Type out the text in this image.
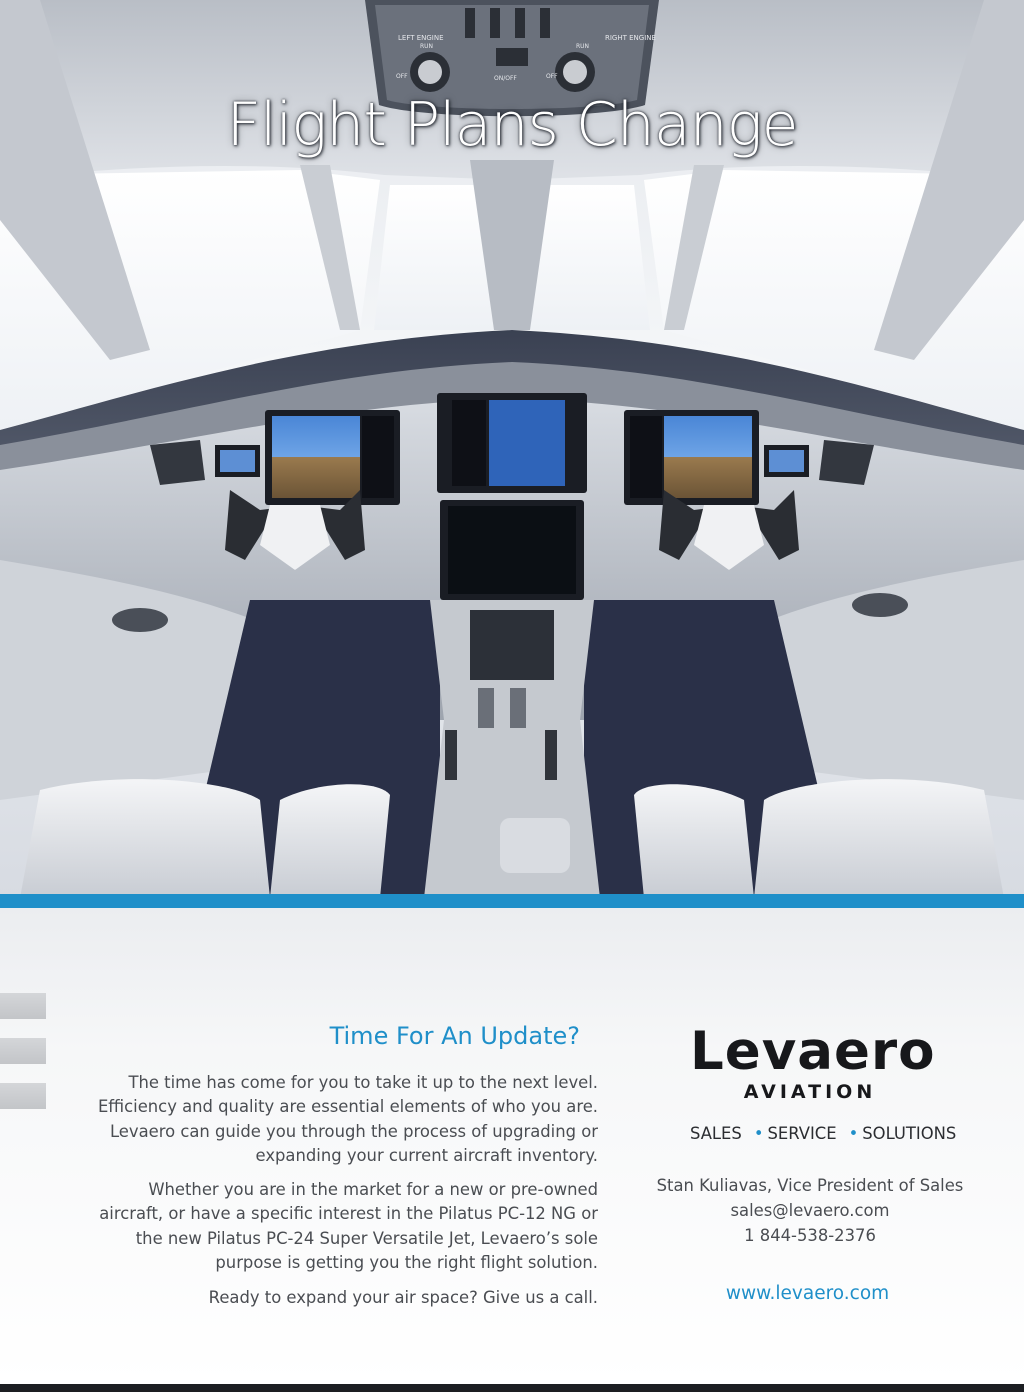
LEFT ENGINE	RIGHT ENGINE
RUN	RUN
OFF	OFF
ON/OFF
Flight Plans Change
Time For An Update?
The time has come for you to take it up to the next level. Efficiency and quality are essential elements of who you are. Levaero can guide you through the process of upgrading or expanding your current aircraft inventory.
Whether you are in the market for a new or pre-owned aircraft, or have a specific interest in the Pilatus PC-12 NG or the new Pilatus PC-24 Super Versatile Jet, Levaero’s sole purpose is getting you the right flight solution.
Ready to expand your air space? Give us a call.
Levaero
AVIATION
SALES • SERVICE • SOLUTIONS
Stan Kuliavas, Vice President of Sales
sales@levaero.com
1 844-538-2376
www.levaero.com
